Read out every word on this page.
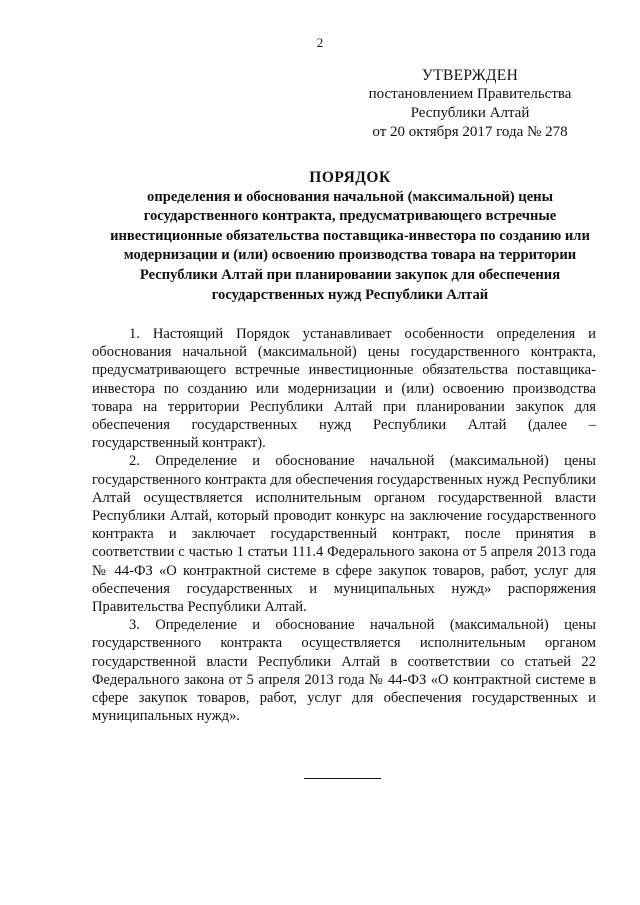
2
УТВЕРЖДЕН
постановлением Правительства
Республики Алтай
от 20 октября 2017 года № 278
ПОРЯДОК
определения и обоснования начальной (максимальной) цены
государственного контракта, предусматривающего встречные
инвестиционные обязательства поставщика-инвестора по созданию или
модернизации и (или) освоению производства товара на территории
Республики Алтай при планировании закупок для обеспечения
государственных нужд Республики Алтай

1. Настоящий Порядок устанавливает особенности определения и обоснования начальной (максимальной) цены государственного контракта, предусматривающего встречные инвестиционные обязательства поставщика-инвестора по созданию или модернизации и (или) освоению производства товара на территории Республики Алтай при планировании закупок для обеспечения государственных нужд Республики Алтай (далее – государственный контракт).

2. Определение и обоснование начальной (максимальной) цены государственного контракта для обеспечения государственных нужд Республики Алтай осуществляется исполнительным органом государственной власти Республики Алтай, который проводит конкурс на заключение государственного контракта и заключает государственный контракт, после принятия в соответствии с частью 1 статьи 111.4 Федерального закона от 5 апреля 2013 года № 44-ФЗ «О контрактной системе в сфере закупок товаров, работ, услуг для обеспечения государственных и муниципальных нужд» распоряжения Правительства Республики Алтай.

3. Определение и обоснование начальной (максимальной) цены государственного контракта осуществляется исполнительным органом государственной власти Республики Алтай в соответствии со статьей 22 Федерального закона от 5 апреля 2013 года № 44-ФЗ «О контрактной системе в сфере закупок товаров, работ, услуг для обеспечения государственных и муниципальных нужд».
